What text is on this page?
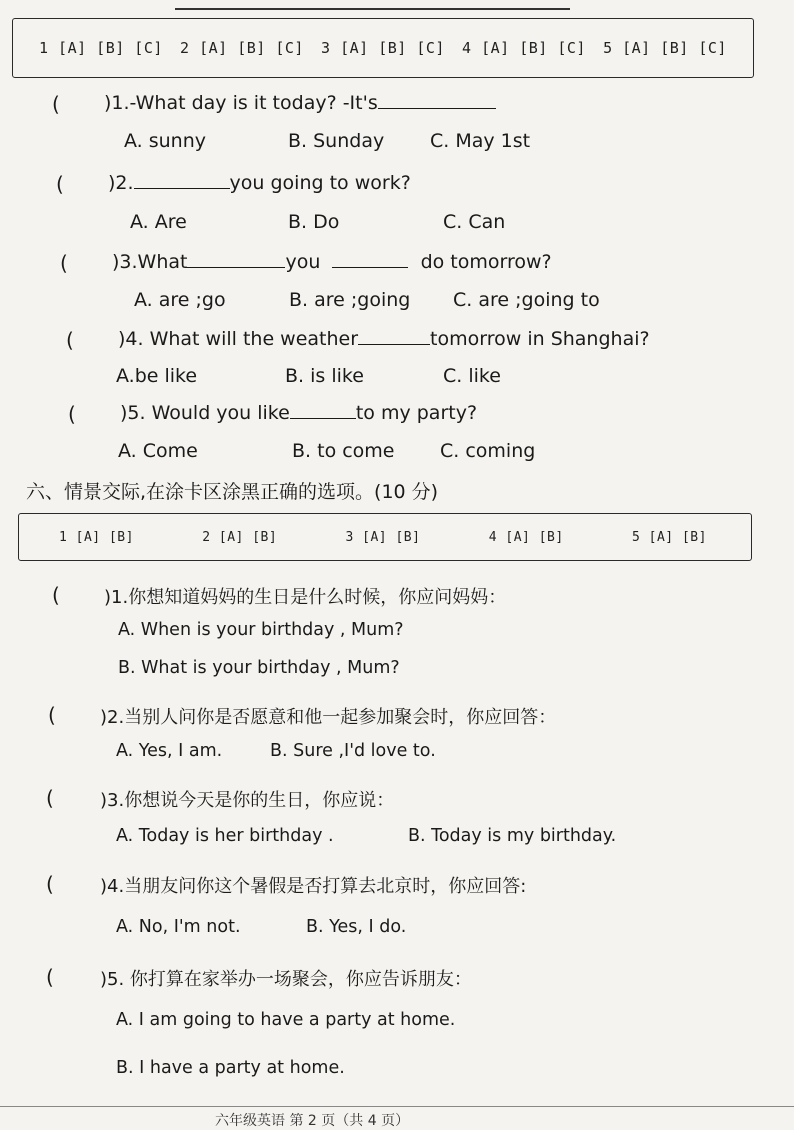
1 [A] [B] [C] 2 [A] [B] [C] 3 [A] [B] [C] 4 [A] [B] [C] 5 [A] [B] [C]
( )1.-What day is it today? -It's
A. sunny	B. Sunday C. May 1st
( )2.	you going to work?
A. Are	B. Do	C. Can
( )3.What	you	do tomorrow?
A. are ;go	B. are ;going C. are ;going to
( )4. What will the weather	tomorrow in Shanghai?
A.be like	B. is like	C. like
( )5. Would you like	to my party?
A. Come	B. to come C. coming
六、情景交际,在涂卡区涂黑正确的选项。(10 分)
1 [A] [B]	2 [A] [B]	3 [A] [B]	4 [A] [B]	5 [A] [B]
( )1.你想知道妈妈的生日是什么时候，你应问妈妈：
A. When is your birthday , Mum?
B. What is your birthday , Mum?
( )2.当别人问你是否愿意和他一起参加聚会时，你应回答：
A. Yes, I am.	B. Sure ,I'd love to.
(	)3.你想说今天是你的生日，你应说：
A. Today is her birthday .	B. Today is my birthday.
(	)4.当朋友问你这个暑假是否打算去北京时，你应回答:
A. No, I'm not.	B. Yes, I do.
(	)5. 你打算在家举办一场聚会，你应告诉朋友：
A. I am going to have a party at home.
B. I have a party at home.
六年级英语 第 2 页（共 4 页）
